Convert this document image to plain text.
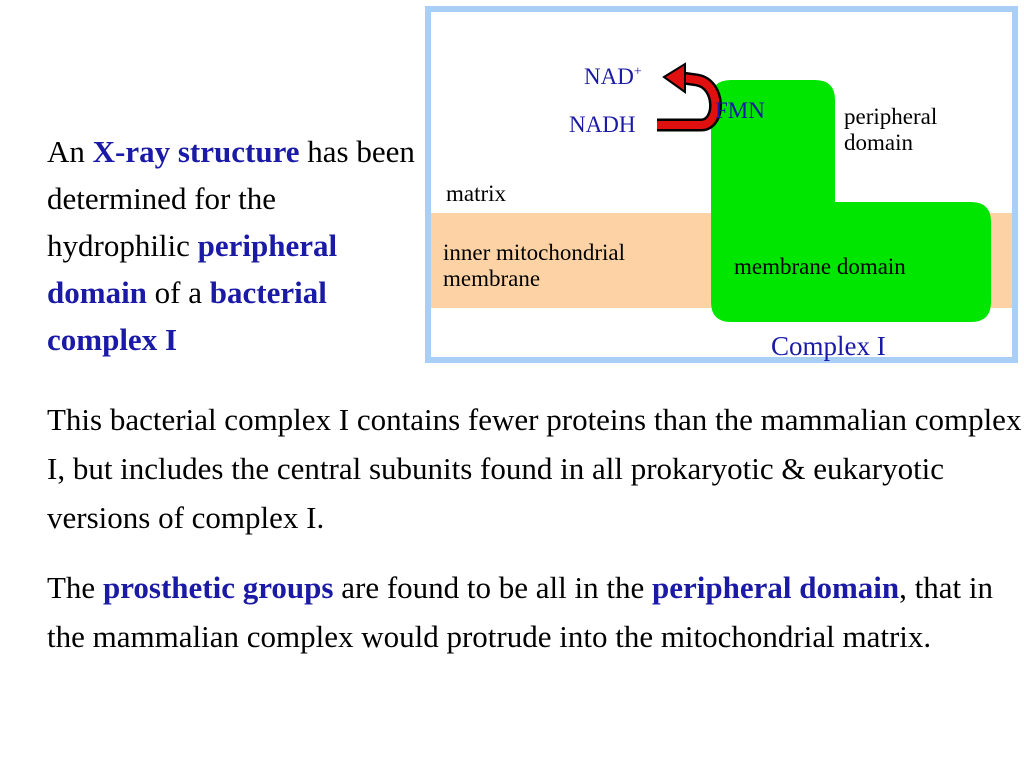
An X-ray structure has been determined for the hydrophilic peripheral domain of a bacterial complex I
NAD+
NADH
FMN	peripheral
domain
matrix
inner mitochondrial
membrane	membrane domain
Complex I
This bacterial complex I contains fewer proteins than the mammalian complex I, but includes the central subunits found in all prokaryotic & eukaryotic versions of complex I.
The prosthetic groups are found to be all in the peripheral domain, that in the mammalian complex would protrude into the mitochondrial matrix.
